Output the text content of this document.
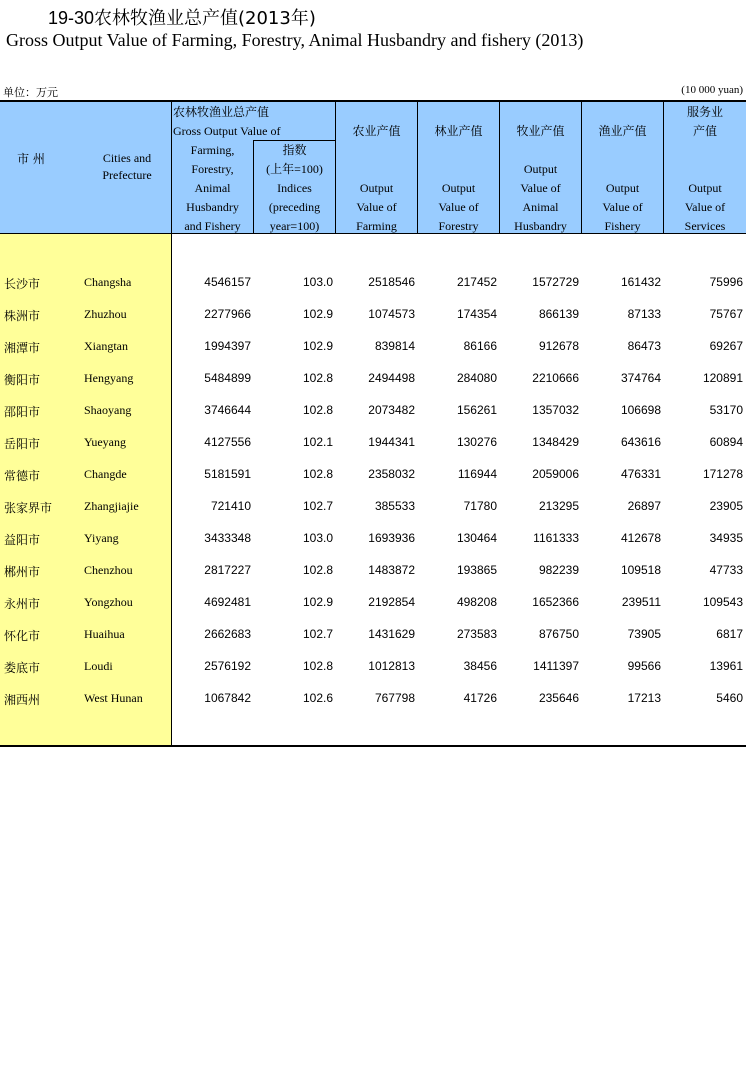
19-30农林牧渔业总产值(2013年)
Gross Output Value of Farming, Forestry, Animal Husbandry and fishery (2013)
单位：万元	(10 000 yuan)
市 州	Cities and
Prefecture
农林牧渔业总产值
Gross Output Value of
Farming,
Forestry,
Animal
Husbandry
and Fishery
指数
(上年=100)
Indices
(preceding
year=100)
农业产值
Output
Value of
Farming
林业产值
Output
Value of
Forestry
牧业产值
Output
Value of
Animal
Husbandry
渔业产值
Output
Value of
Fishery
服务业
产值
Output
Value of
Services
长沙市	Changsha	4546157	103.0	2518546	217452	1572729	161432	75996
株洲市	Zhuzhou	2277966	102.9	1074573	174354	866139	87133	75767
湘潭市	Xiangtan	1994397	102.9	839814	86166	912678	86473	69267
衡阳市	Hengyang	5484899	102.8	2494498	284080	2210666	374764	120891
邵阳市	Shaoyang	3746644	102.8	2073482	156261	1357032	106698	53170
岳阳市	Yueyang	4127556	102.1	1944341	130276	1348429	643616	60894
常德市	Changde	5181591	102.8	2358032	116944	2059006	476331	171278
张家界市	Zhangjiajie	721410	102.7	385533	71780	213295	26897	23905
益阳市	Yiyang	3433348	103.0	1693936	130464	1161333	412678	34935
郴州市	Chenzhou	2817227	102.8	1483872	193865	982239	109518	47733
永州市	Yongzhou	4692481	102.9	2192854	498208	1652366	239511	109543
怀化市	Huaihua	2662683	102.7	1431629	273583	876750	73905	6817
娄底市	Loudi	2576192	102.8	1012813	38456	1411397	99566	13961
湘西州	West Hunan	1067842	102.6	767798	41726	235646	17213	5460
